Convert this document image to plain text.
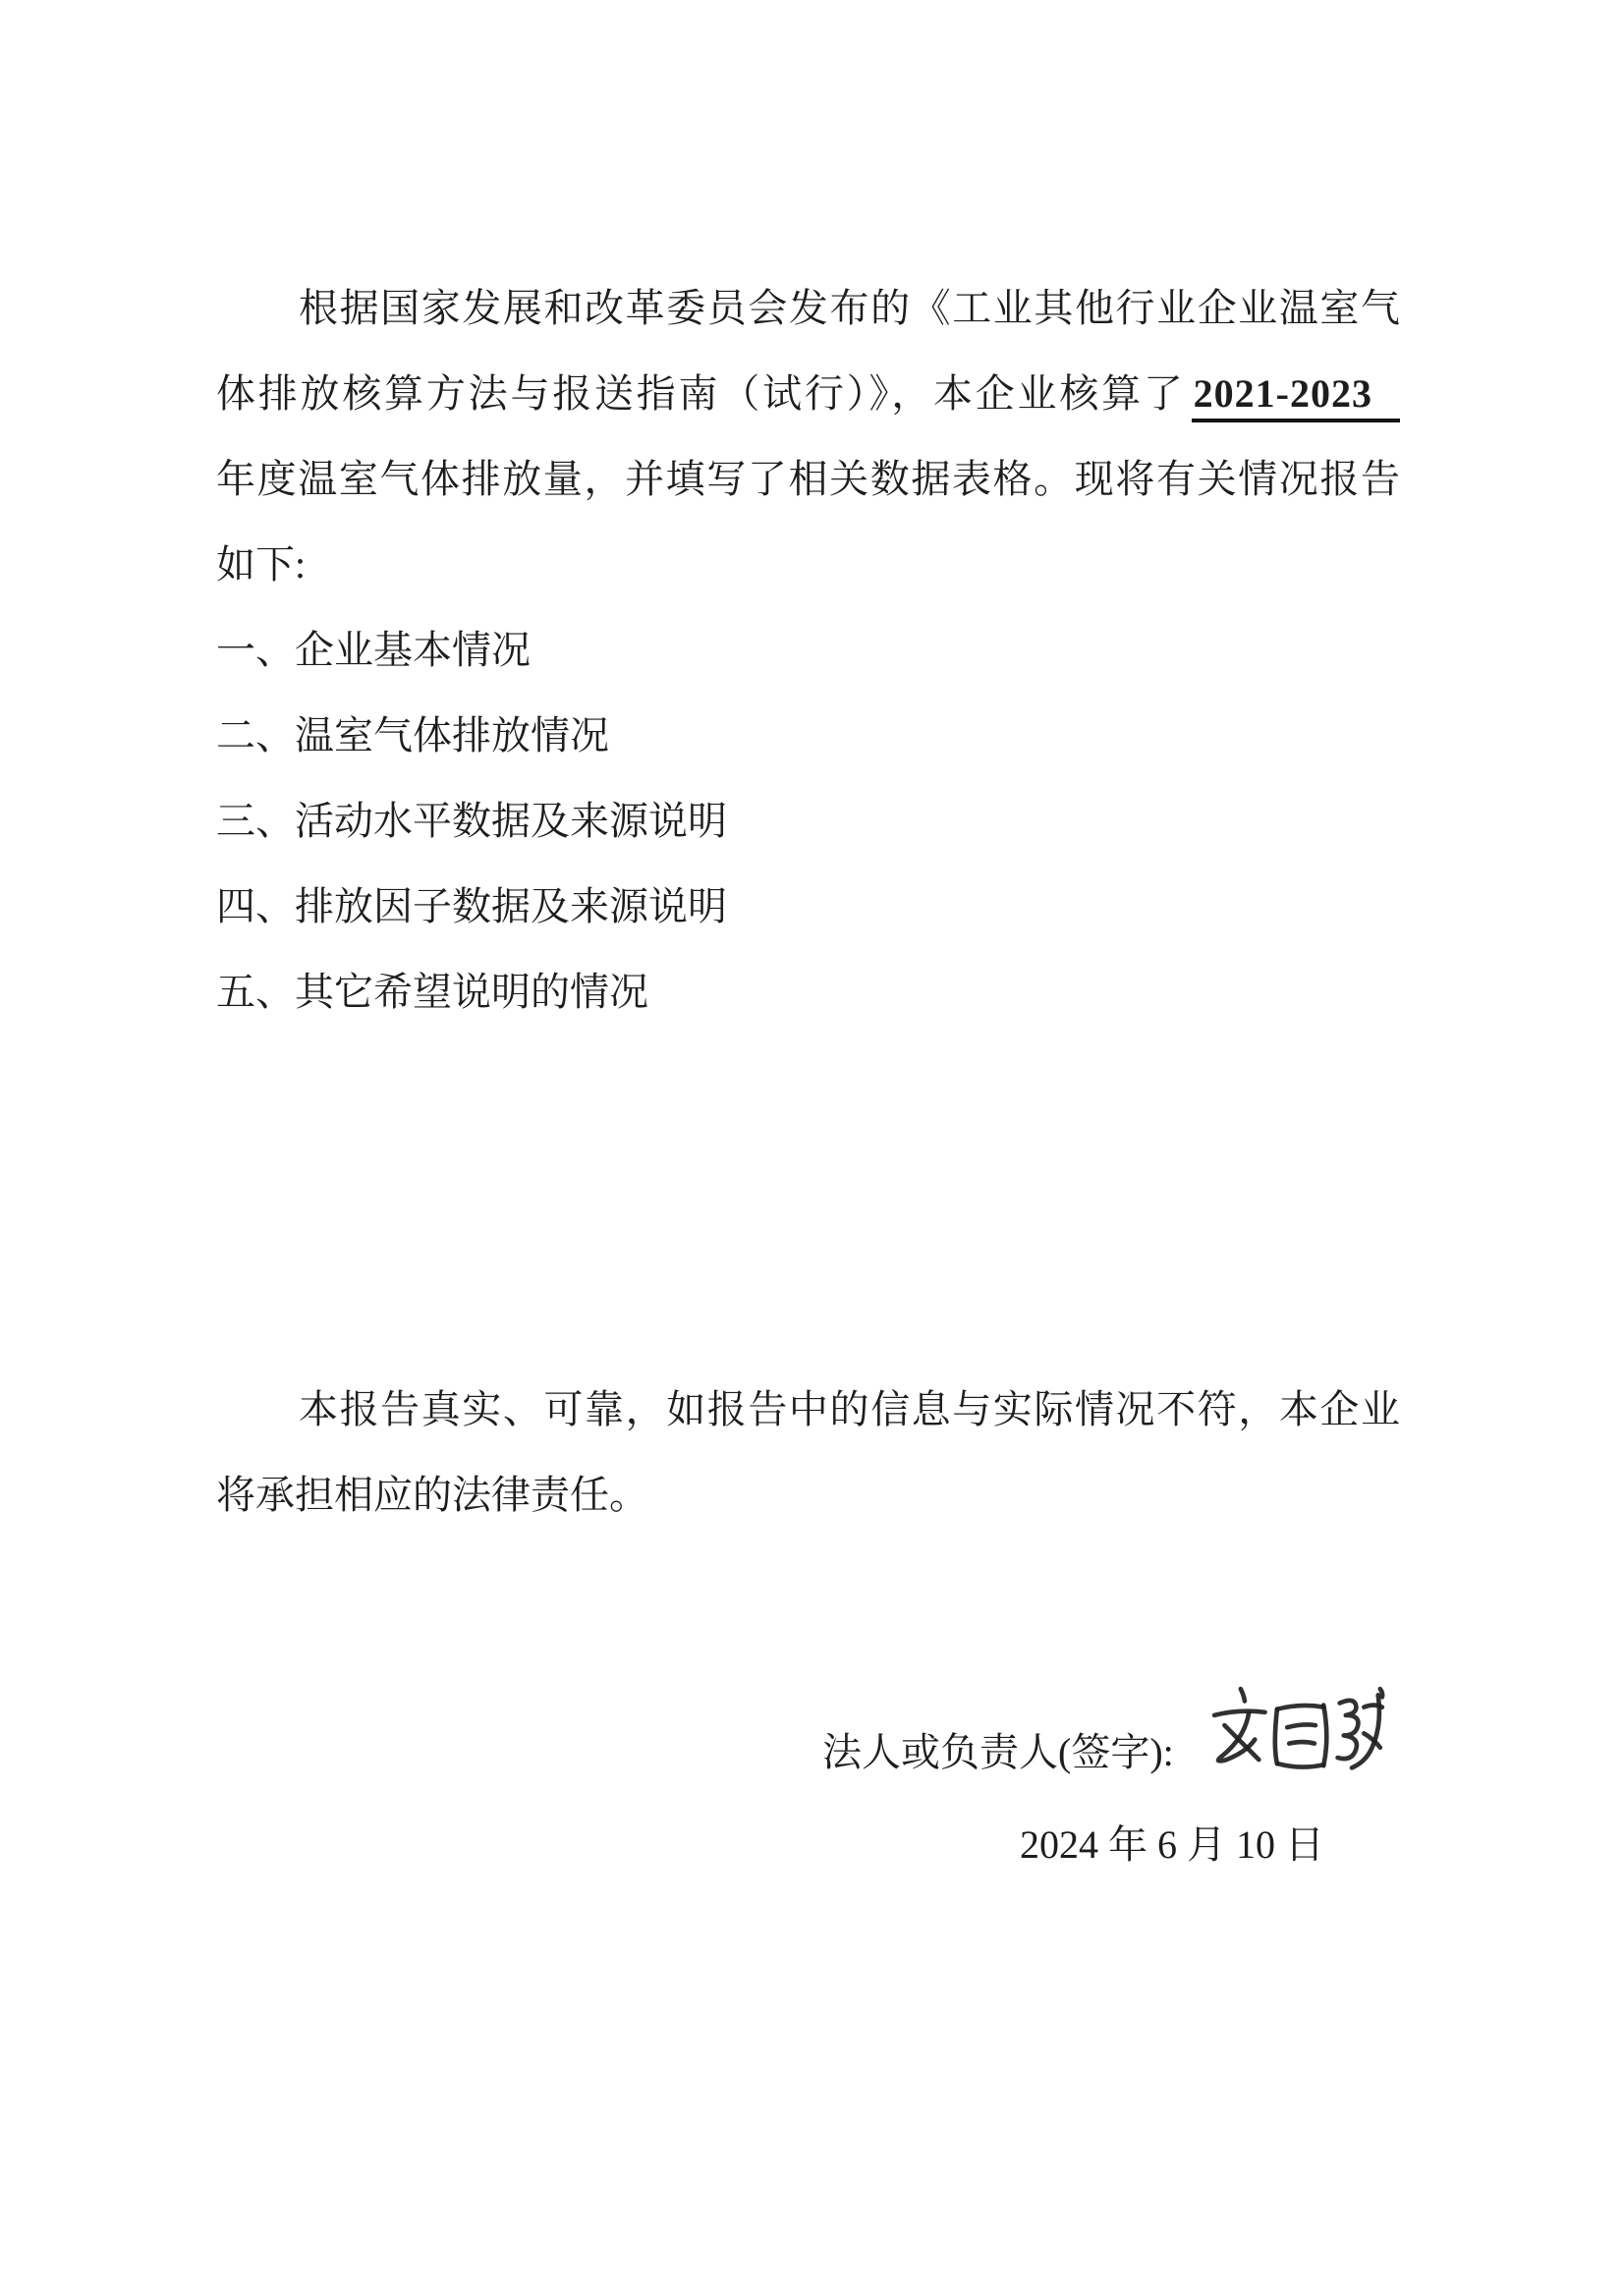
根据国家发展和改革委员会发布的《工业其他行业企业温室气
体排放核算方法与报送指南（试行）》，本企业核算了 2021-2023
年度温室气体排放量，并填写了相关数据表格。现将有关情况报告
如下:
一、企业基本情况
二、温室气体排放情况
三、活动水平数据及来源说明
四、排放因子数据及来源说明
五、其它希望说明的情况
本报告真实、可靠，如报告中的信息与实际情况不符，本企业
将承担相应的法律责任。
法人或负责人(签字):
2024 年 6 月 10 日
